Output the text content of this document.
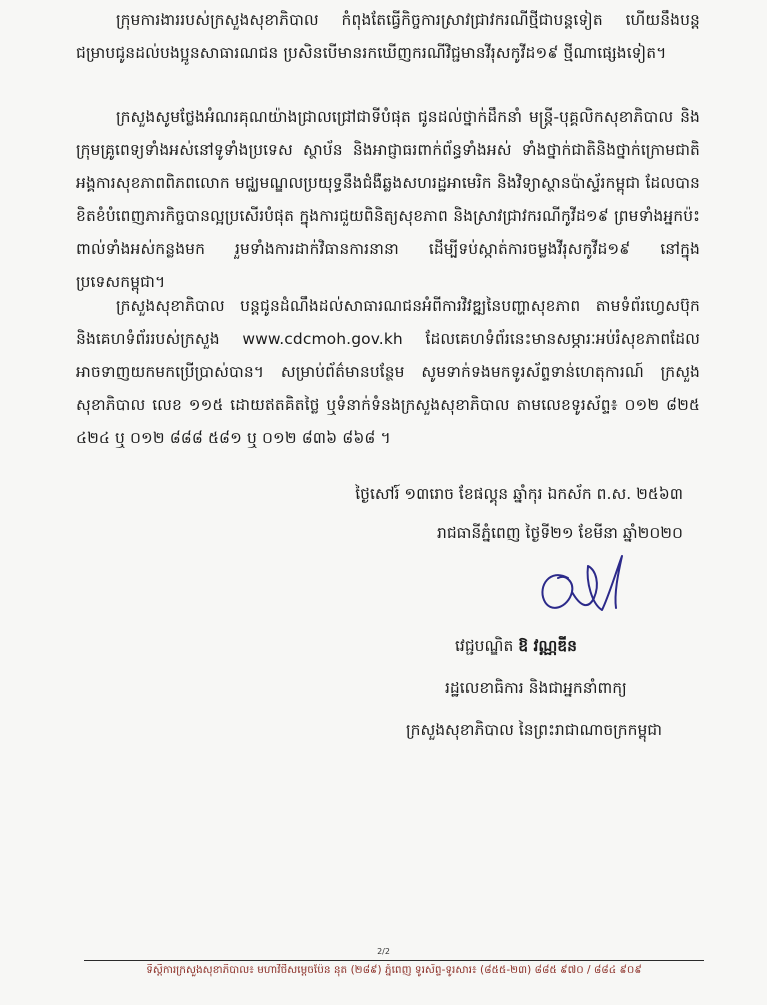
ក្រុមការងាររបស់ក្រសួងសុខាភិបាល កំពុងតែធ្វើកិច្ចការស្រាវជ្រាវករណីថ្មីជាបន្តទៀត ហើយនឹងបន្តជម្រាបជូនដល់បងប្អូនសាធារណជន ប្រសិនបើមានរកឃើញករណីវិជ្ជមានវីរុសកូវីដ១៩ ថ្មីណាផ្សេងទៀត។

ក្រសួងសូមថ្លែងអំណរគុណយ៉ាងជ្រាលជ្រៅជាទីបំផុត ជូនដល់ថ្នាក់ដឹកនាំ មន្ត្រី-បុគ្គលិកសុខាភិបាល និងក្រុមគ្រូពេទ្យទាំងអស់នៅទូទាំងប្រទេស ស្ថាប័ន និងអាជ្ញាធរពាក់ព័ន្ធទាំងអស់ ទាំងថ្នាក់ជាតិនិងថ្នាក់ក្រោមជាតិ អង្គការសុខភាពពិភពលោក មជ្ឈមណ្ឌលប្រយុទ្ធនឹងជំងឺឆ្លងសហរដ្ឋអាមេរិក និងវិទ្យាស្ថានប៉ាស្ទ័រកម្ពុជា ដែលបានខិតខំបំពេញភារកិច្ចបានល្អប្រសើរបំផុត ក្នុងការជួយពិនិត្យសុខភាព និងស្រាវជ្រាវករណីកូវីដ១៩ ព្រមទាំងអ្នកប៉ះពាល់ទាំងអស់កន្លងមក រួមទាំងការដាក់វិធានការនានា ដើម្បីទប់ស្កាត់ការចម្លងវីរុសកូវីដ១៩ នៅក្នុងប្រទេសកម្ពុជា។

ក្រសួងសុខាភិបាល បន្តជូនដំណឹងដល់សាធារណជនអំពីការវិវឌ្ឍនៃបញ្ហាសុខភាព តាមទំព័រហ្វេសប៊ុក និងគេហទំព័ររបស់ក្រសួង www.cdcmoh.gov.kh ដែលគេហទំព័រនេះមានសម្ភារៈអប់រំសុខភាពដែលអាចទាញយកមកប្រើប្រាស់បាន។ សម្រាប់ព័ត៌មានបន្ថែម សូមទាក់ទងមកទូរស័ព្ទទាន់ហេតុការណ៍ ក្រសួងសុខាភិបាល លេខ ១១៥ ដោយឥតគិតថ្លៃ ឬទំនាក់ទំនងក្រសួងសុខាភិបាល តាមលេខទូរស័ព្ទ៖ ០១២ ៨២៥ ៤២៤ ឬ ០១២ ៨៨៨ ៥៨១ ឬ ០១២ ៨៣៦ ៨៦៨ ។

ថ្ងៃសៅរ៍ ១៣រោច ខែផល្គុន ឆ្នាំកុរ ឯកស័ក ព.ស. ២៥៦៣
រាជធានីភ្នំពេញ ថ្ងៃទី២១ ខែមីនា ឆ្នាំ២០២០
វេជ្ជបណ្ឌិត ឱ វណ្ណឌីន
រដ្ឋលេខាធិការ និងជាអ្នកនាំពាក្យ
ក្រសួងសុខាភិបាល នៃព្រះរាជាណាចក្រកម្ពុជា
2/2
ទីស្តីការក្រសួងសុខាភិបាល៖ មហាវិថីសម្តេចប៉ែន នុត (២៨៩) ភ្នំពេញ ទូរស័ព្ទ-ទូរសារ៖ (៨៥៥-២៣) ៨៨៥ ៩៧០ / ៨៨៤ ៩០៩
